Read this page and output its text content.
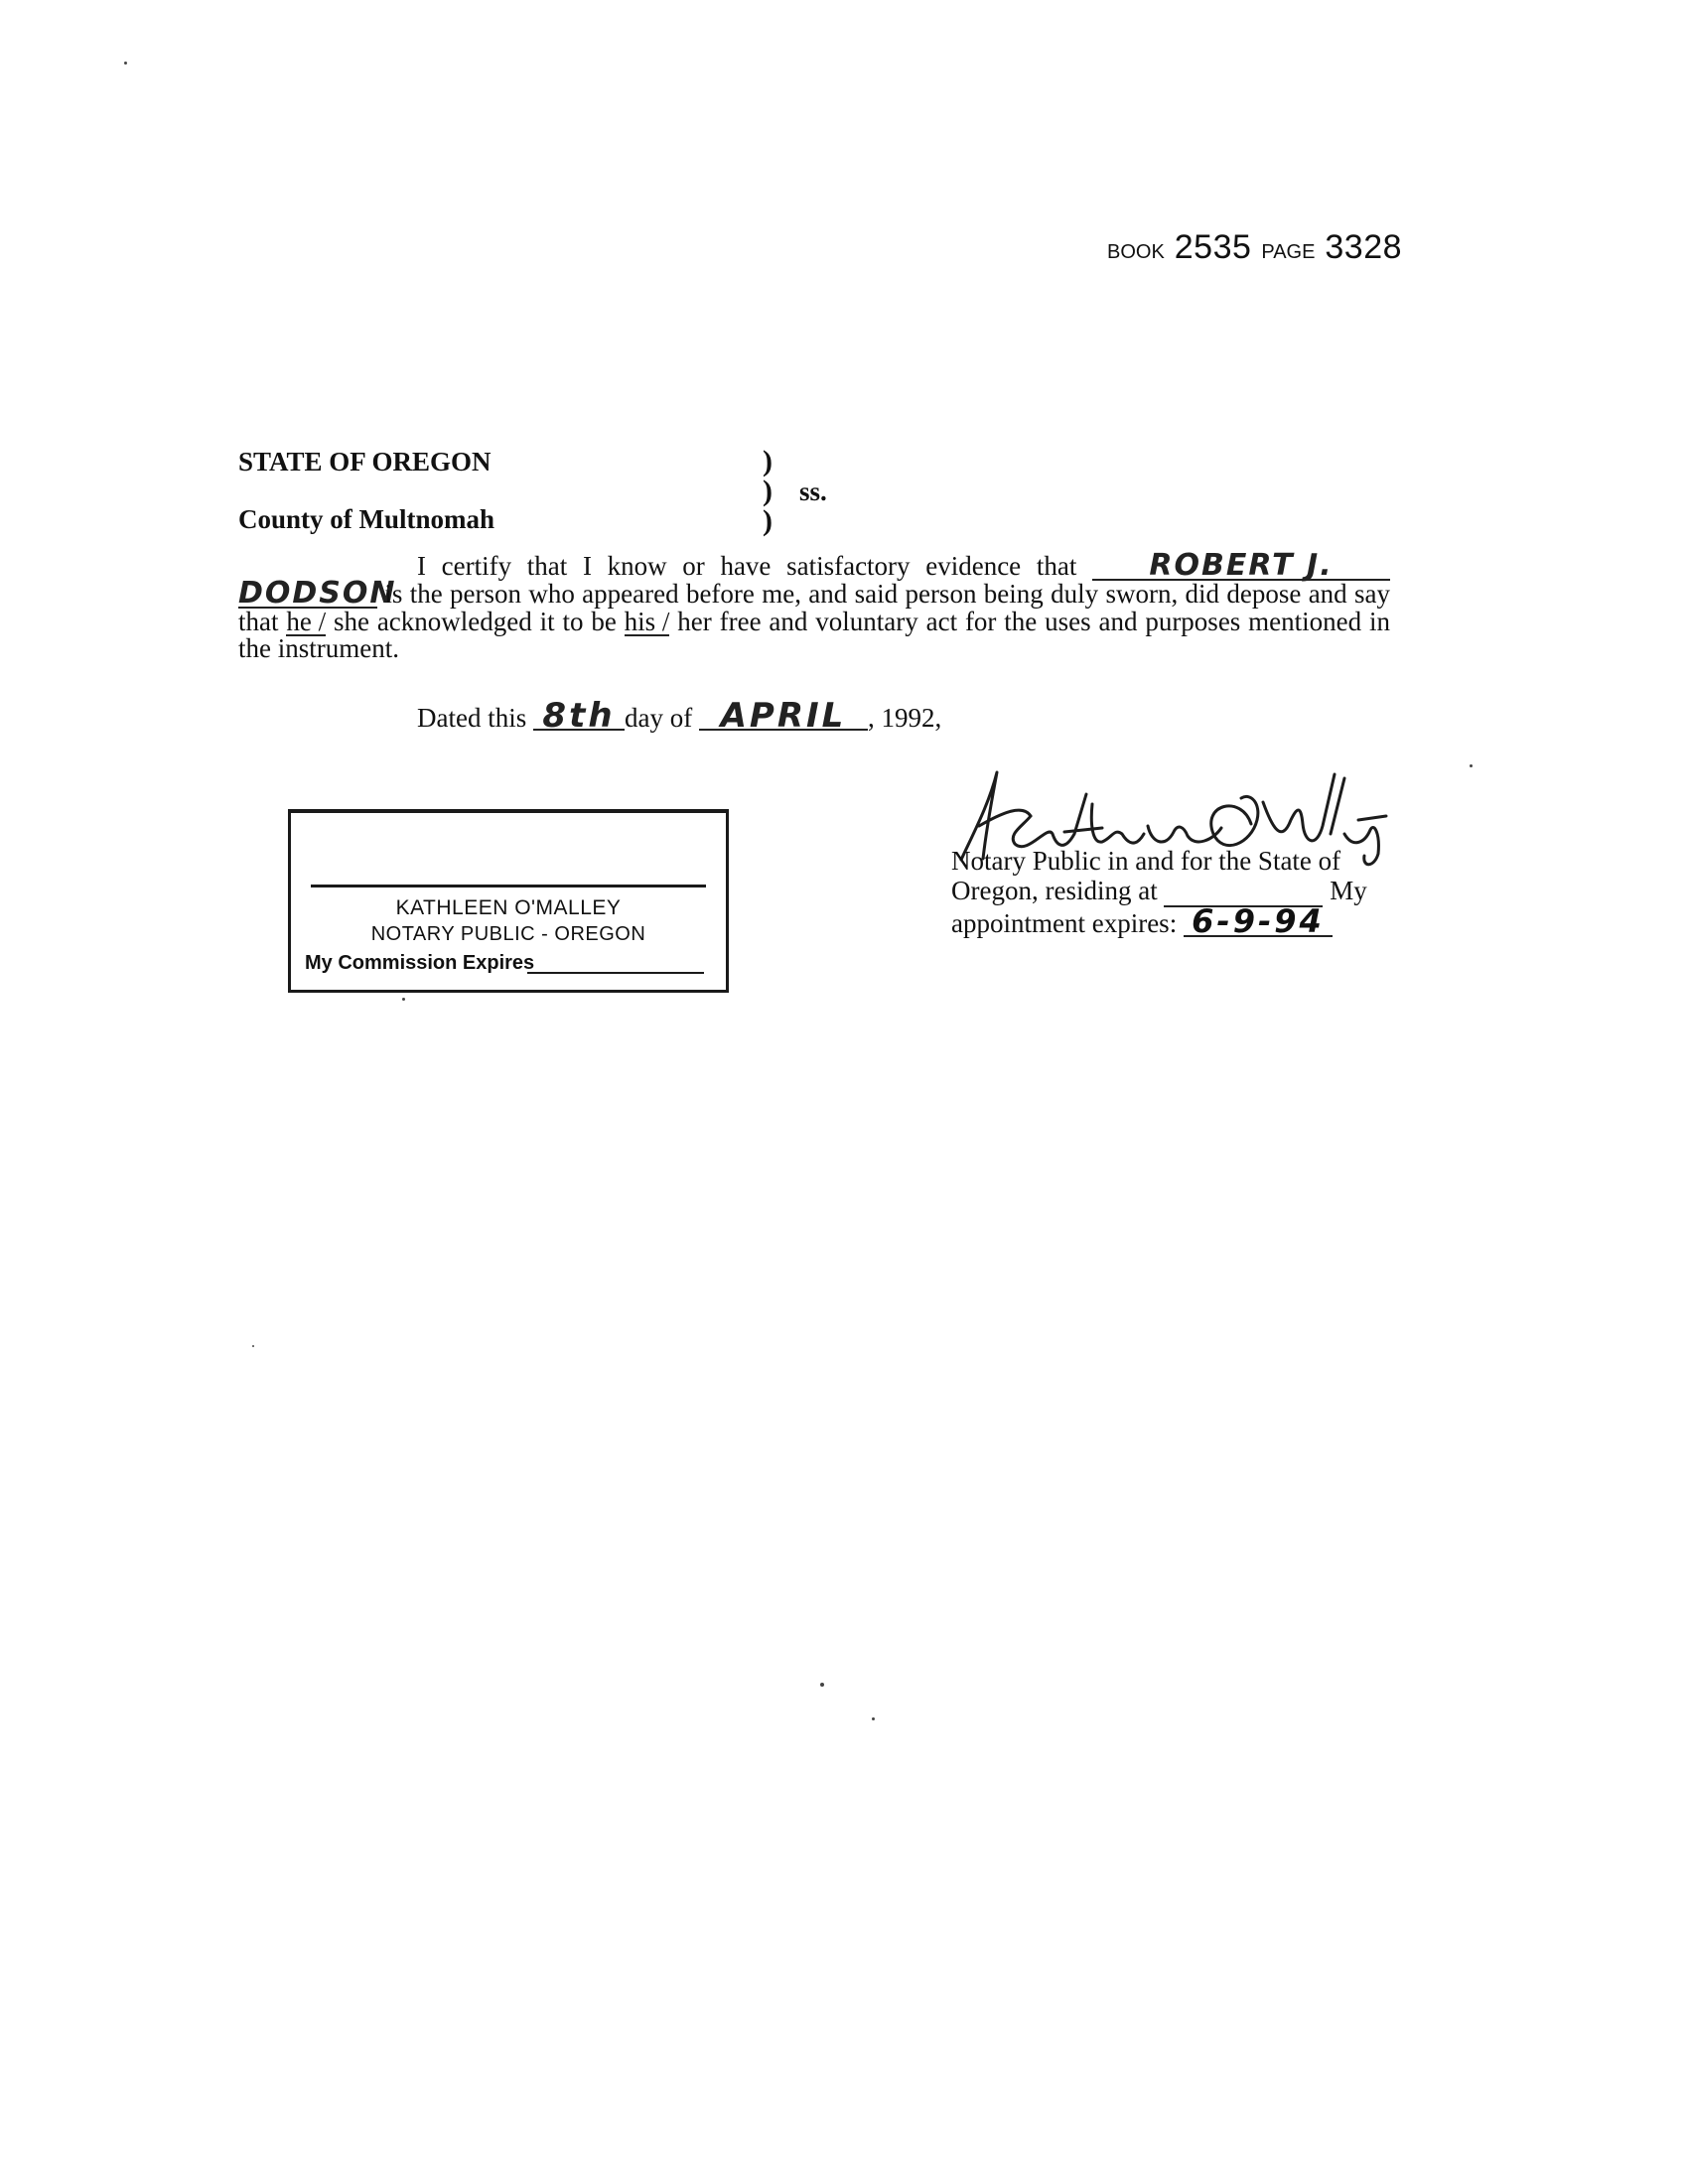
BOOK 2535 PAGE 3328
STATE OF OREGON
County of Multnomah
)
)
)
ss.
I certify that I know or have satisfactory evidence that ROBERT J. DODSON is the person who appeared before me, and said person being duly sworn, did depose and say that he / she acknowledged it to be his / her free and voluntary act for the uses and purposes mentioned in the instrument.
Dated this 8th day of APRIL , 1992,
KATHLEEN O'MALLEY
NOTARY PUBLIC - OREGON
My Commission Expires
Notary Public in and for the State of
Oregon, residing at	My
appointment expires: 6-9-94
